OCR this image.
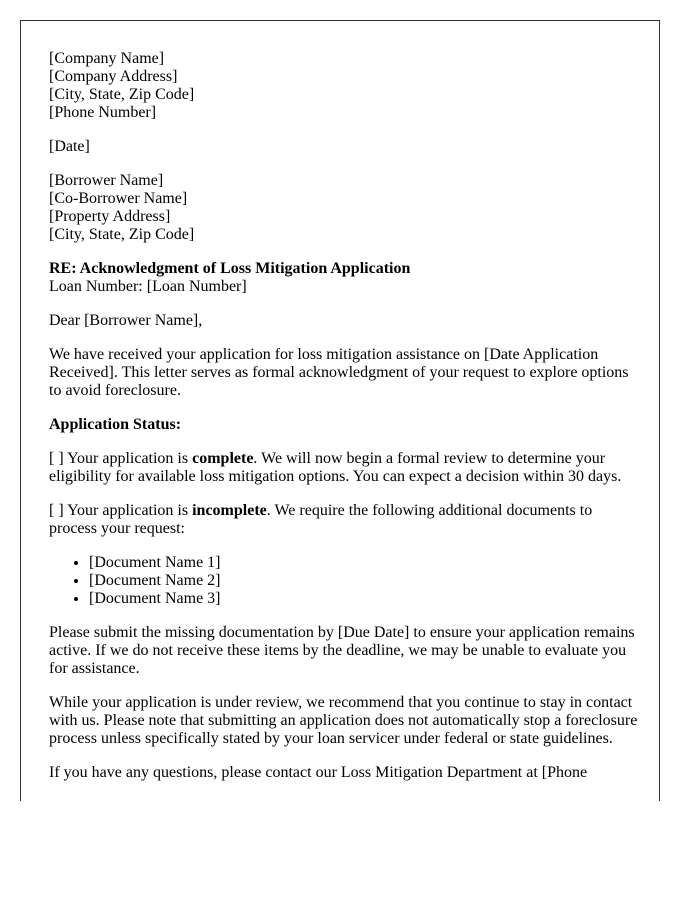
[Company Name]
[Company Address]
[City, State, Zip Code]
[Phone Number]
[Date]
[Borrower Name]
[Co-Borrower Name]
[Property Address]
[City, State, Zip Code]
RE: Acknowledgment of Loss Mitigation Application
Loan Number: [Loan Number]

Dear [Borrower Name],

We have received your application for loss mitigation assistance on [Date Application Received]. This letter serves as formal acknowledgment of your request to explore options to avoid foreclosure.

Application Status:

[ ] Your application is complete. We will now begin a formal review to determine your eligibility for available loss mitigation options. You can expect a decision within 30 days.

[ ] Your application is incomplete. We require the following additional documents to process your request:

• [Document Name 1]
• [Document Name 2]
• [Document Name 3]

Please submit the missing documentation by [Due Date] to ensure your application remains active. If we do not receive these items by the deadline, we may be unable to evaluate you for assistance.

While your application is under review, we recommend that you continue to stay in contact with us. Please note that submitting an application does not automatically stop a foreclosure process unless specifically stated by your loan servicer under federal or state guidelines.

If you have any questions, please contact our Loss Mitigation Department at [Phone
